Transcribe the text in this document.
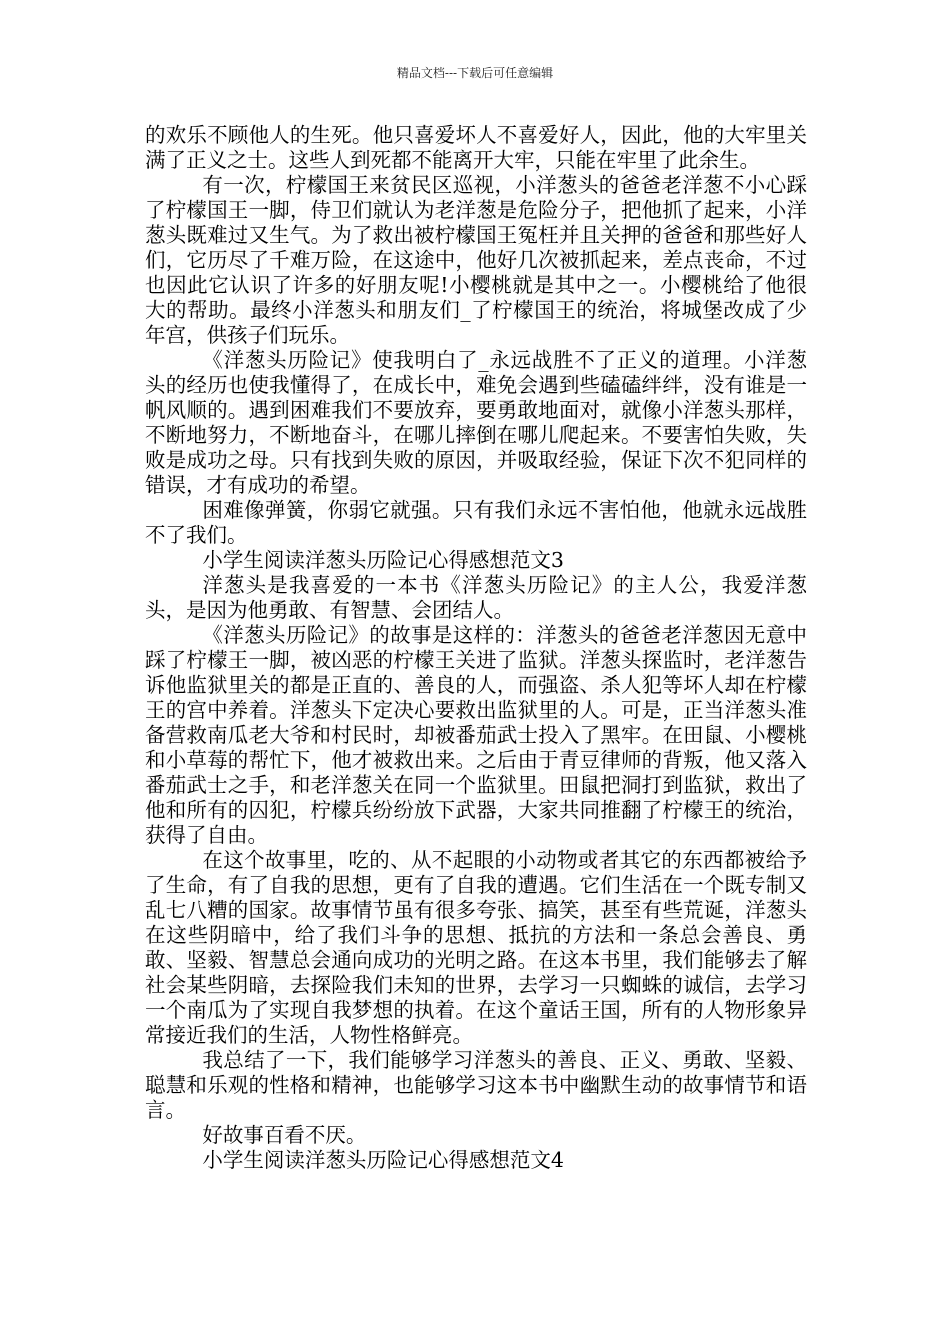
精品文档---下载后可任意编辑

的欢乐不顾他人的生死。他只喜爱坏人不喜爱好人，因此，他的大牢里关满了正义之士。这些人到死都不能离开大牢，只能在牢里了此余生。

有一次，柠檬国王来贫民区巡视，小洋葱头的爸爸老洋葱不小心踩了柠檬国王一脚，侍卫们就认为老洋葱是危险分子，把他抓了起来，小洋葱头既难过又生气。为了救出被柠檬国王冤枉并且关押的爸爸和那些好人们，它历尽了千难万险，在这途中，他好几次被抓起来，差点丧命，不过也因此它认识了许多的好朋友呢!小樱桃就是其中之一。小樱桃给了他很大的帮助。最终小洋葱头和朋友们_了柠檬国王的统治，将城堡改成了少年宫，供孩子们玩乐。

《洋葱头历险记》使我明白了_永远战胜不了正义的道理。小洋葱头的经历也使我懂得了，在成长中，难免会遇到些磕磕绊绊，没有谁是一帆风顺的。遇到困难我们不要放弃，要勇敢地面对，就像小洋葱头那样，不断地努力，不断地奋斗，在哪儿摔倒在哪儿爬起来。不要害怕失败，失败是成功之母。只有找到失败的原因，并吸取经验，保证下次不犯同样的错误，才有成功的希望。

困难像弹簧，你弱它就强。只有我们永远不害怕他，他就永远战胜不了我们。

小学生阅读洋葱头历险记心得感想范文3

洋葱头是我喜爱的一本书《洋葱头历险记》的主人公，我爱洋葱头，是因为他勇敢、有智慧、会团结人。

《洋葱头历险记》的故事是这样的：洋葱头的爸爸老洋葱因无意中踩了柠檬王一脚，被凶恶的柠檬王关进了监狱。洋葱头探监时，老洋葱告诉他监狱里关的都是正直的、善良的人，而强盗、杀人犯等坏人却在柠檬王的宫中养着。洋葱头下定决心要救出监狱里的人。可是，正当洋葱头准备营救南瓜老大爷和村民时，却被番茄武士投入了黑牢。在田鼠、小樱桃和小草莓的帮忙下，他才被救出来。之后由于青豆律师的背叛，他又落入番茄武士之手，和老洋葱关在同一个监狱里。田鼠把洞打到监狱，救出了他和所有的囚犯，柠檬兵纷纷放下武器，大家共同推翻了柠檬王的统治，获得了自由。

在这个故事里，吃的、从不起眼的小动物或者其它的东西都被给予了生命，有了自我的思想，更有了自我的遭遇。它们生活在一个既专制又乱七八糟的国家。故事情节虽有很多夸张、搞笑，甚至有些荒诞，洋葱头在这些阴暗中，给了我们斗争的思想、抵抗的方法和一条总会善良、勇敢、坚毅、智慧总会通向成功的光明之路。在这本书里，我们能够去了解社会某些阴暗，去探险我们未知的世界，去学习一只蜘蛛的诚信，去学习一个南瓜为了实现自我梦想的执着。在这个童话王国，所有的人物形象异常接近我们的生活，人物性格鲜亮。

我总结了一下，我们能够学习洋葱头的善良、正义、勇敢、坚毅、聪慧和乐观的性格和精神，也能够学习这本书中幽默生动的故事情节和语言。

好故事百看不厌。

小学生阅读洋葱头历险记心得感想范文4
